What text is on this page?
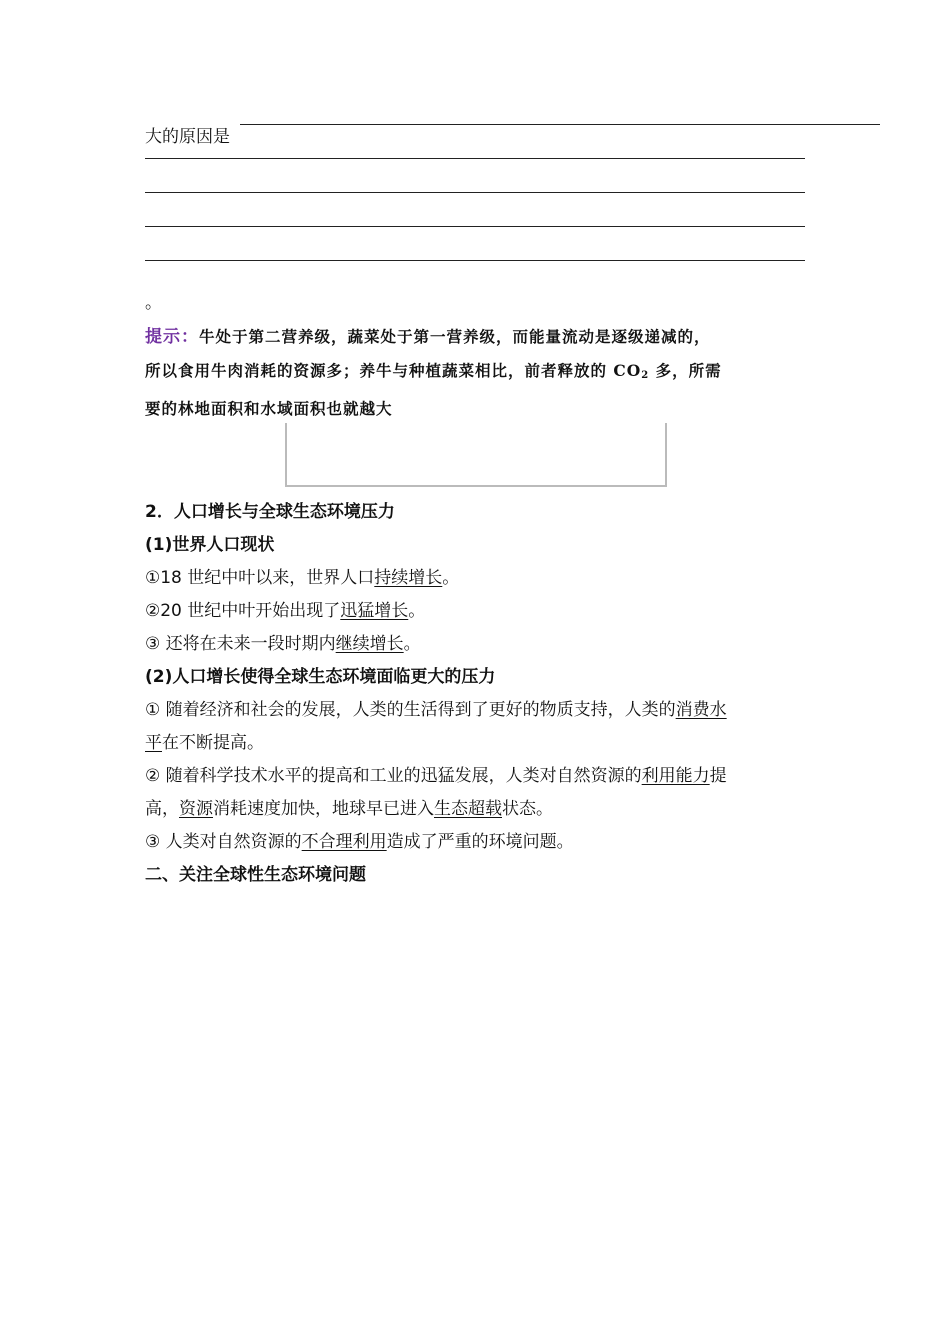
大的原因是
。
提示：牛处于第二营养级，蔬菜处于第一营养级，而能量流动是逐级递减的，
所以食用牛肉消耗的资源多；养牛与种植蔬菜相比，前者释放的 $CO_2$ 多，所需
要的林地面积和水域面积也就越大
2．人口增长与全球生态环境压力
(1)世界人口现状
①18 世纪中叶以来，世界人口持续增长。
②20 世纪中叶开始出现了迅猛增长。
③ 还将在未来一段时期内继续增长。
(2)人口增长使得全球生态环境面临更大的压力
① 随着经济和社会的发展，人类的生活得到了更好的物质支持，人类的消费水
平在不断提高。
② 随着科学技术水平的提高和工业的迅猛发展，人类对自然资源的利用能力提
高，资源消耗速度加快，地球早已进入生态超载状态。
③ 人类对自然资源的不合理利用造成了严重的环境问题。
二、关注全球性生态环境问题
